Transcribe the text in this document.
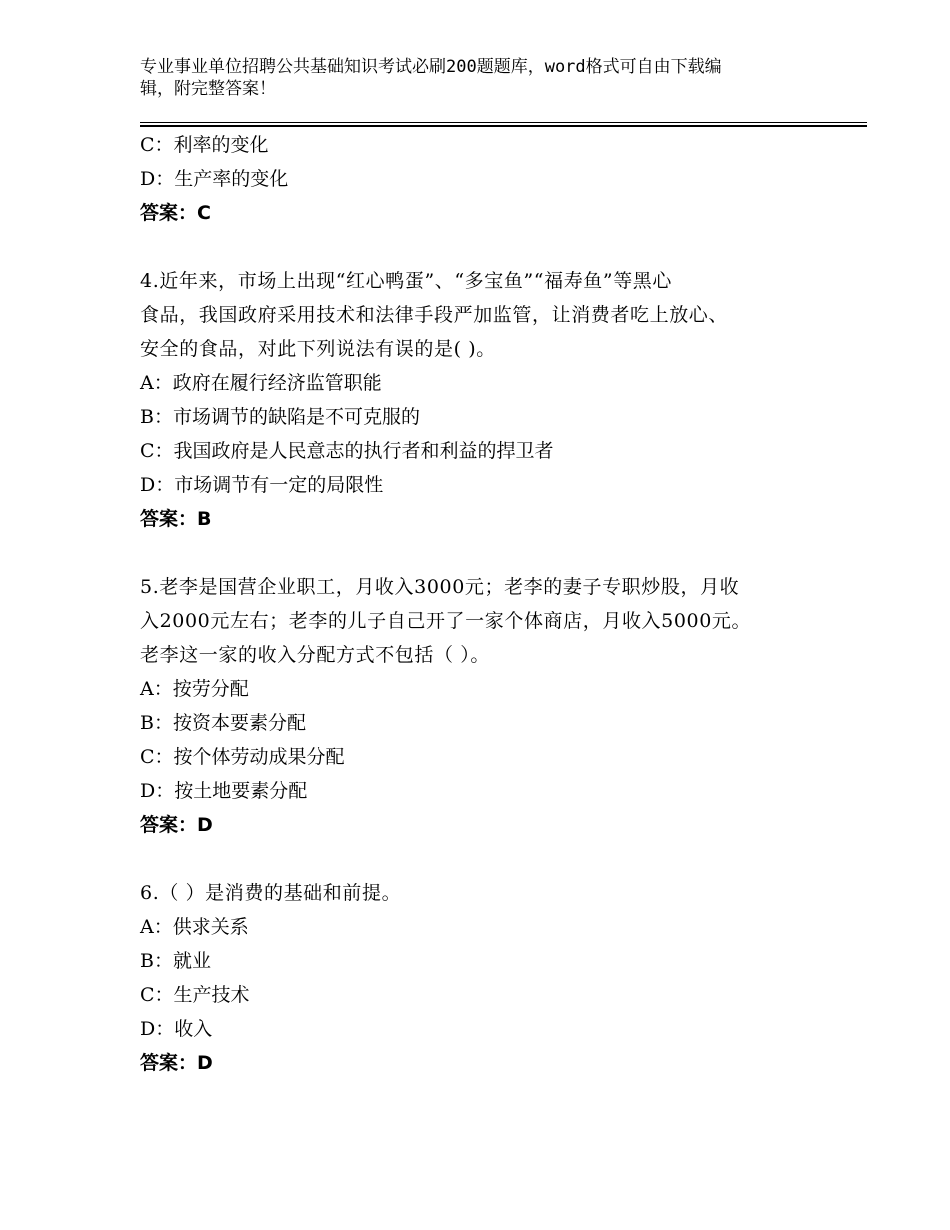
专业事业单位招聘公共基础知识考试必刷200题题库，word格式可自由下载编
辑，附完整答案！
C：利率的变化
D：生产率的变化
答案：C
4.近年来，市场上出现“红心鸭蛋”、“多宝鱼”“福寿鱼”等黑心
食品，我国政府采用技术和法律手段严加监管，让消费者吃上放心、
安全的食品，对此下列说法有误的是( )。
A：政府在履行经济监管职能
B：市场调节的缺陷是不可克服的
C：我国政府是人民意志的执行者和利益的捍卫者
D：市场调节有一定的局限性
答案：B
5.老李是国营企业职工，月收入3000元；老李的妻子专职炒股，月收
入2000元左右；老李的儿子自己开了一家个体商店，月收入5000元。
老李这一家的收入分配方式不包括（ ）。
A：按劳分配
B：按资本要素分配
C：按个体劳动成果分配
D：按土地要素分配
答案：D
6.（ ）是消费的基础和前提。
A：供求关系
B：就业
C：生产技术
D：收入
答案：D
